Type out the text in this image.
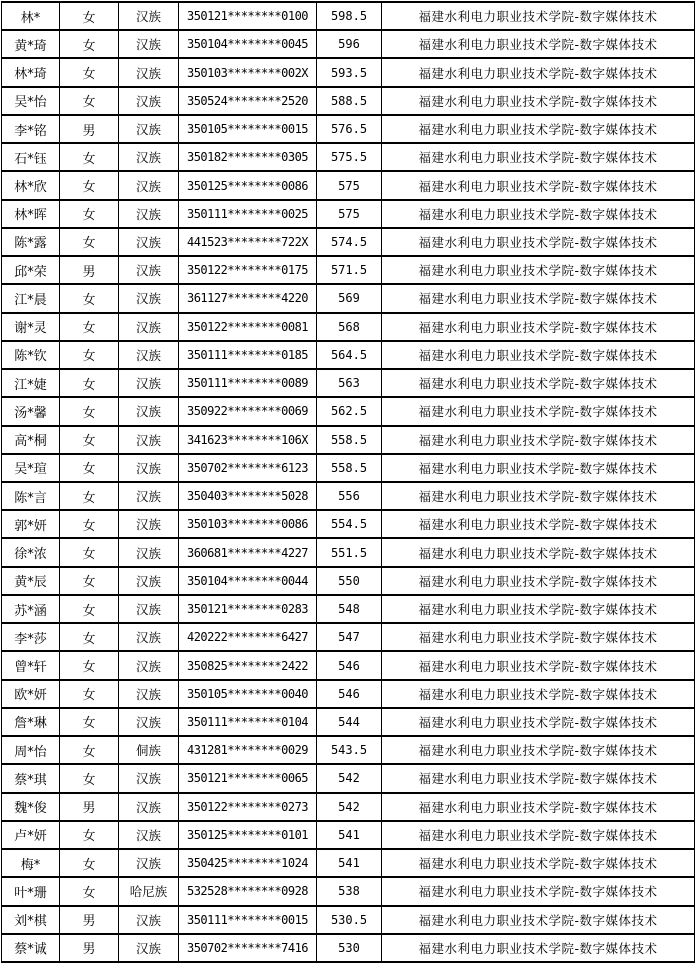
林*	女	汉族	350121********0100	598.5	福建水利电力职业技术学院-数字媒体技术
黄*琦	女	汉族	350104********0045	596	福建水利电力职业技术学院-数字媒体技术
林*琦	女	汉族	350103********002X	593.5	福建水利电力职业技术学院-数字媒体技术
吴*怡	女	汉族	350524********2520	588.5	福建水利电力职业技术学院-数字媒体技术
李*铭	男	汉族	350105********0015	576.5	福建水利电力职业技术学院-数字媒体技术
石*钰	女	汉族	350182********0305	575.5	福建水利电力职业技术学院-数字媒体技术
林*欣	女	汉族	350125********0086	575	福建水利电力职业技术学院-数字媒体技术
林*晖	女	汉族	350111********0025	575	福建水利电力职业技术学院-数字媒体技术
陈*露	女	汉族	441523********722X	574.5	福建水利电力职业技术学院-数字媒体技术
邱*荣	男	汉族	350122********0175	571.5	福建水利电力职业技术学院-数字媒体技术
江*晨	女	汉族	361127********4220	569	福建水利电力职业技术学院-数字媒体技术
谢*灵	女	汉族	350122********0081	568	福建水利电力职业技术学院-数字媒体技术
陈*钦	女	汉族	350111********0185	564.5	福建水利电力职业技术学院-数字媒体技术
江*婕	女	汉族	350111********0089	563	福建水利电力职业技术学院-数字媒体技术
汤*馨	女	汉族	350922********0069	562.5	福建水利电力职业技术学院-数字媒体技术
高*桐	女	汉族	341623********106X	558.5	福建水利电力职业技术学院-数字媒体技术
吴*瑄	女	汉族	350702********6123	558.5	福建水利电力职业技术学院-数字媒体技术
陈*言	女	汉族	350403********5028	556	福建水利电力职业技术学院-数字媒体技术
郭*妍	女	汉族	350103********0086	554.5	福建水利电力职业技术学院-数字媒体技术
徐*浓	女	汉族	360681********4227	551.5	福建水利电力职业技术学院-数字媒体技术
黄*辰	女	汉族	350104********0044	550	福建水利电力职业技术学院-数字媒体技术
苏*涵	女	汉族	350121********0283	548	福建水利电力职业技术学院-数字媒体技术
李*莎	女	汉族	420222********6427	547	福建水利电力职业技术学院-数字媒体技术
曾*轩	女	汉族	350825********2422	546	福建水利电力职业技术学院-数字媒体技术
欧*妍	女	汉族	350105********0040	546	福建水利电力职业技术学院-数字媒体技术
詹*琳	女	汉族	350111********0104	544	福建水利电力职业技术学院-数字媒体技术
周*怡	女	侗族	431281********0029	543.5	福建水利电力职业技术学院-数字媒体技术
蔡*琪	女	汉族	350121********0065	542	福建水利电力职业技术学院-数字媒体技术
魏*俊	男	汉族	350122********0273	542	福建水利电力职业技术学院-数字媒体技术
卢*妍	女	汉族	350125********0101	541	福建水利电力职业技术学院-数字媒体技术
梅*	女	汉族	350425********1024	541	福建水利电力职业技术学院-数字媒体技术
叶*珊	女	哈尼族	532528********0928	538	福建水利电力职业技术学院-数字媒体技术
刘*棋	男	汉族	350111********0015	530.5	福建水利电力职业技术学院-数字媒体技术
蔡*诚	男	汉族	350702********7416	530	福建水利电力职业技术学院-数字媒体技术
